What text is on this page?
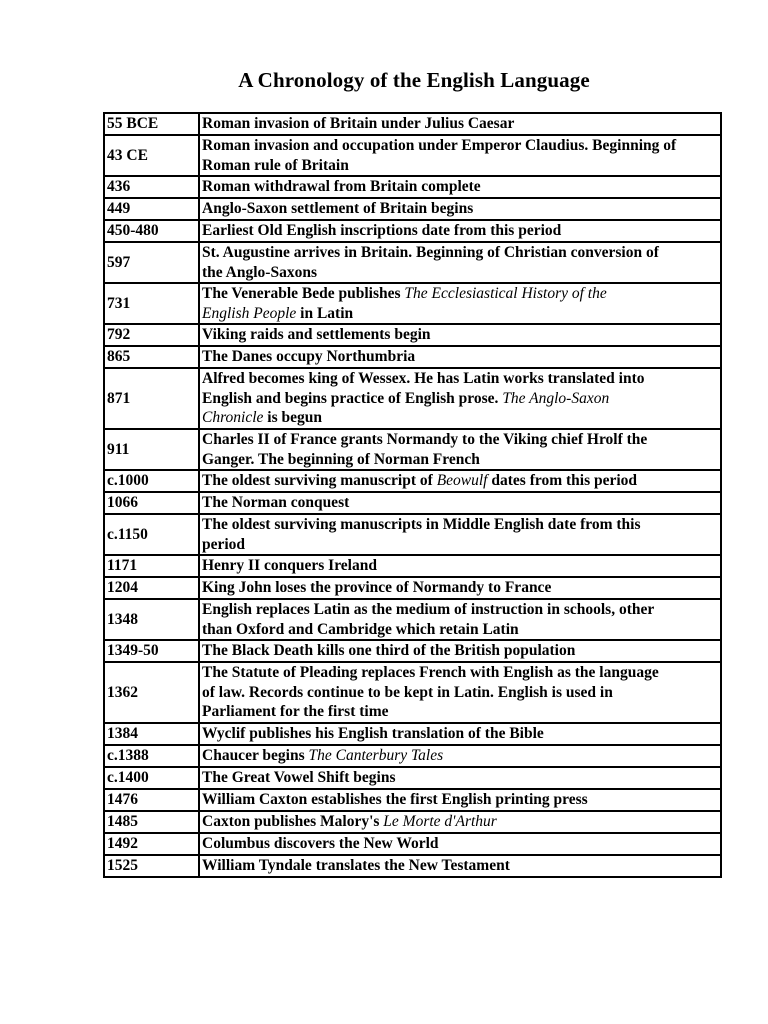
A Chronology of the English Language
55 BCE	Roman invasion of Britain under Julius Caesar
43 CE	Roman invasion and occupation under Emperor Claudius. Beginning of
Roman rule of Britain
436	Roman withdrawal from Britain complete
449	Anglo-Saxon settlement of Britain begins
450-480	Earliest Old English inscriptions date from this period
597	St. Augustine arrives in Britain. Beginning of Christian conversion of
the Anglo-Saxons
731	The Venerable Bede publishes The Ecclesiastical History of the
English People in Latin
792	Viking raids and settlements begin
865	The Danes occupy Northumbria
871	Alfred becomes king of Wessex. He has Latin works translated into
English and begins practice of English prose. The Anglo-Saxon
Chronicle is begun
911	Charles II of France grants Normandy to the Viking chief Hrolf the
Ganger. The beginning of Norman French
c.1000	The oldest surviving manuscript of Beowulf dates from this period
1066	The Norman conquest
c.1150	The oldest surviving manuscripts in Middle English date from this
period
1171	Henry II conquers Ireland
1204	King John loses the province of Normandy to France
1348	English replaces Latin as the medium of instruction in schools, other
than Oxford and Cambridge which retain Latin
1349-50	The Black Death kills one third of the British population
1362	The Statute of Pleading replaces French with English as the language
of law. Records continue to be kept in Latin. English is used in
Parliament for the first time
1384	Wyclif publishes his English translation of the Bible
c.1388	Chaucer begins The Canterbury Tales
c.1400	The Great Vowel Shift begins
1476	William Caxton establishes the first English printing press
1485	Caxton publishes Malory's Le Morte d'Arthur
1492	Columbus discovers the New World
1525	William Tyndale translates the New Testament
